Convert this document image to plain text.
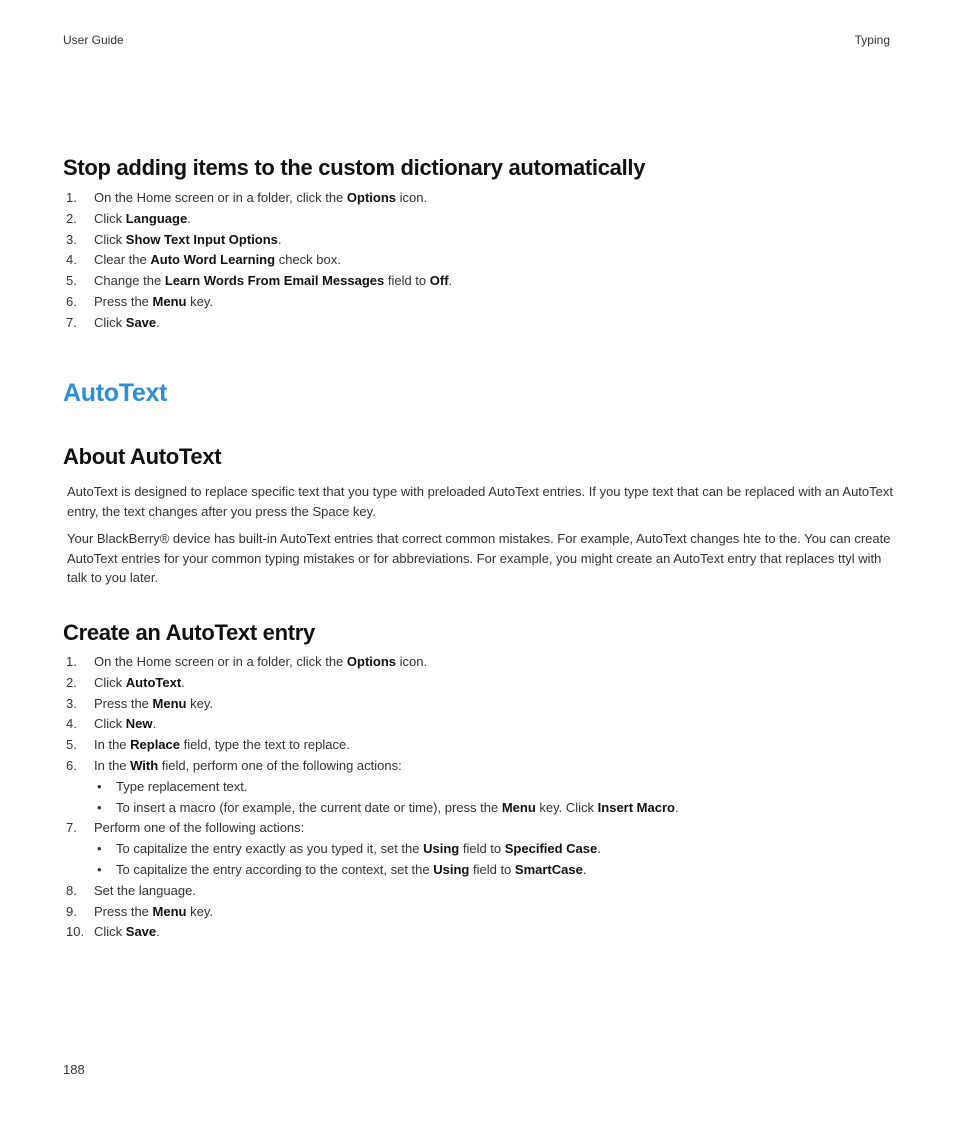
User Guide	Typing
Stop adding items to the custom dictionary automatically
1. On the Home screen or in a folder, click the Options icon.
2. Click Language.
3. Click Show Text Input Options.
4. Clear the Auto Word Learning check box.
5. Change the Learn Words From Email Messages field to Off.
6. Press the Menu key.
7. Click Save.
AutoText
About AutoText

AutoText is designed to replace specific text that you type with preloaded AutoText entries. If you type text that can be replaced with an AutoText entry, the text changes after you press the Space key.

Your BlackBerry® device has built-in AutoText entries that correct common mistakes. For example, AutoText changes hte to the. You can create AutoText entries for your common typing mistakes or for abbreviations. For example, you might create an AutoText entry that replaces ttyl with talk to you later.

Create an AutoText entry
1. On the Home screen or in a folder, click the Options icon.
2. Click AutoText.
3. Press the Menu key.
4. Click New.
5. In the Replace field, type the text to replace.
6. In the With field, perform one of the following actions:
• Type replacement text.
• To insert a macro (for example, the current date or time), press the Menu key. Click Insert Macro.
7. Perform one of the following actions:
• To capitalize the entry exactly as you typed it, set the Using field to Specified Case.
• To capitalize the entry according to the context, set the Using field to SmartCase.
8. Set the language.
9. Press the Menu key.
10. Click Save.
188
